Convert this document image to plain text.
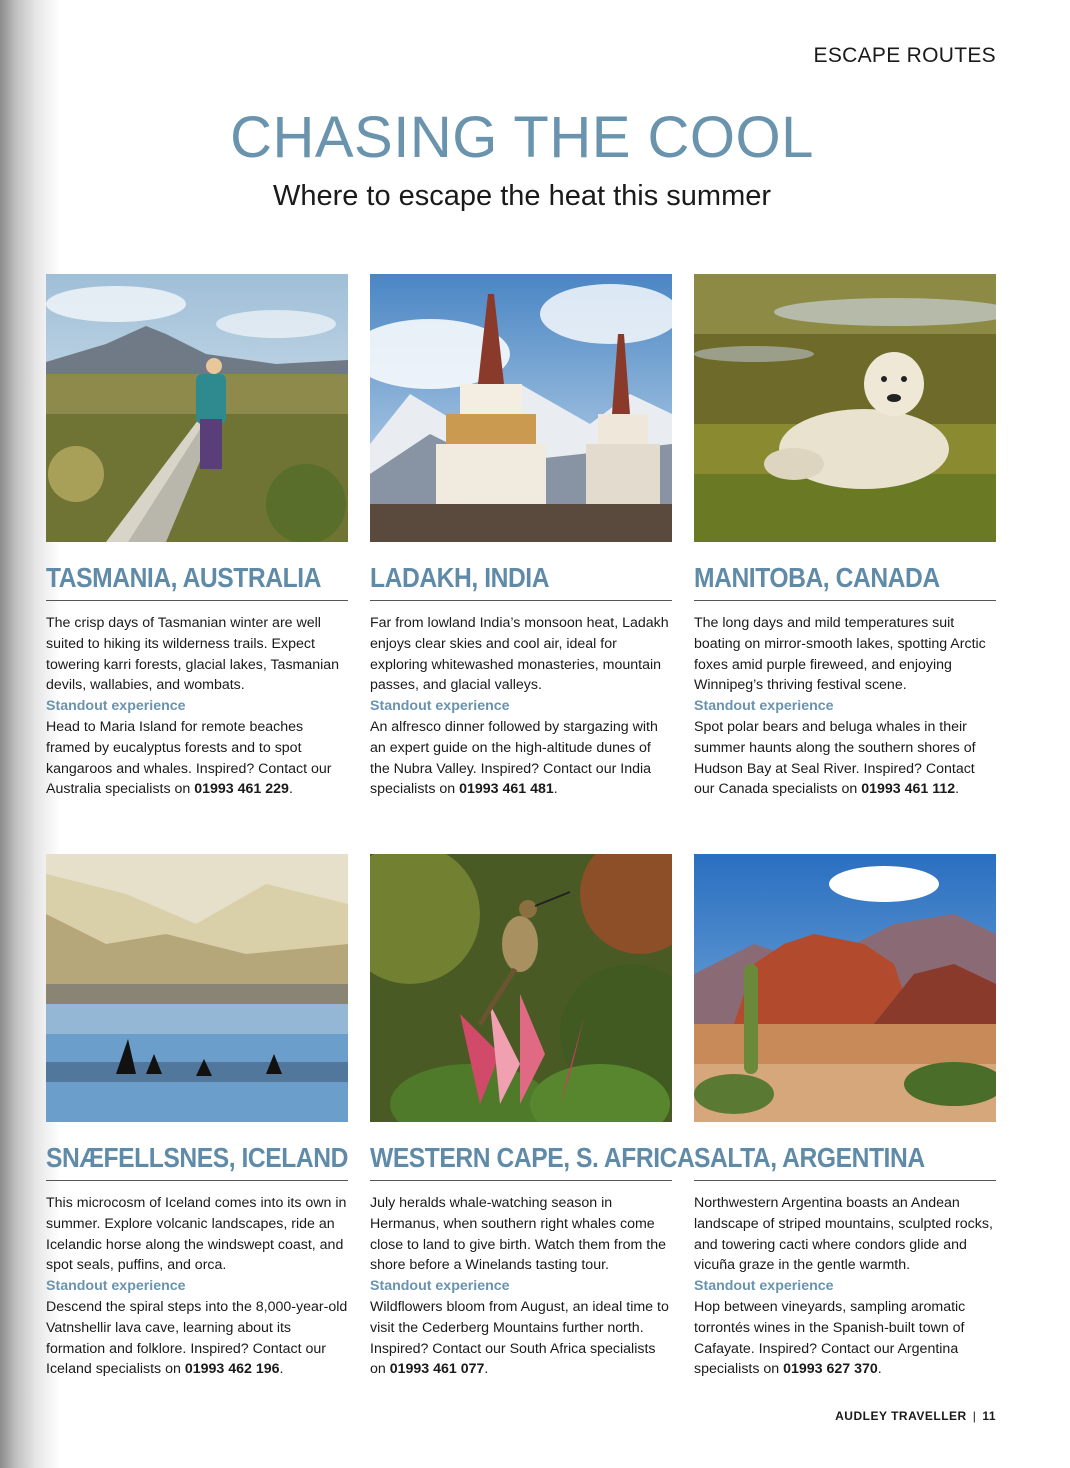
ESCAPE ROUTES
CHASING THE COOL
Where to escape the heat this summer
TASMANIA, AUSTRALIA
The crisp days of Tasmanian winter are well suited to hiking its wilderness trails. Expect towering karri forests, glacial lakes, Tasmanian devils, wallabies, and wombats.
Standout experience
Head to Maria Island for remote beaches framed by eucalyptus forests and to spot kangaroos and whales. Inspired? Contact our Australia specialists on 01993 461 229.
LADAKH, INDIA
Far from lowland India’s monsoon heat, Ladakh enjoys clear skies and cool air, ideal for exploring whitewashed monasteries, mountain passes, and glacial valleys.
Standout experience
An alfresco dinner followed by stargazing with an expert guide on the high-altitude dunes of the Nubra Valley. Inspired? Contact our India specialists on 01993 461 481.
MANITOBA, CANADA
The long days and mild temperatures suit boating on mirror-smooth lakes, spotting Arctic foxes amid purple fireweed, and enjoying Winnipeg’s thriving festival scene.
Standout experience
Spot polar bears and beluga whales in their summer haunts along the southern shores of Hudson Bay at Seal River. Inspired? Contact our Canada specialists on 01993 461 112.
SNÆFELLSNES, ICELAND
This microcosm of Iceland comes into its own in summer. Explore volcanic landscapes, ride an Icelandic horse along the windswept coast, and spot seals, puffins, and orca.
Standout experience
Descend the spiral steps into the 8,000-year-old Vatnshellir lava cave, learning about its formation and folklore. Inspired? Contact our Iceland specialists on 01993 462 196.
WESTERN CAPE, S. AFRICA
July heralds whale-watching season in Hermanus, when southern right whales come close to land to give birth. Watch them from the shore before a Winelands tasting tour.
Standout experience
Wildflowers bloom from August, an ideal time to visit the Cederberg Mountains further north. Inspired? Contact our South Africa specialists on 01993 461 077.
SALTA, ARGENTINA
Northwestern Argentina boasts an Andean landscape of striped mountains, sculpted rocks, and towering cacti where condors glide and vicuña graze in the gentle warmth.
Standout experience
Hop between vineyards, sampling aromatic torrontés wines in the Spanish-built town of Cafayate. Inspired? Contact our Argentina specialists on 01993 627 370.
AUDLEY TRAVELLER | 11
